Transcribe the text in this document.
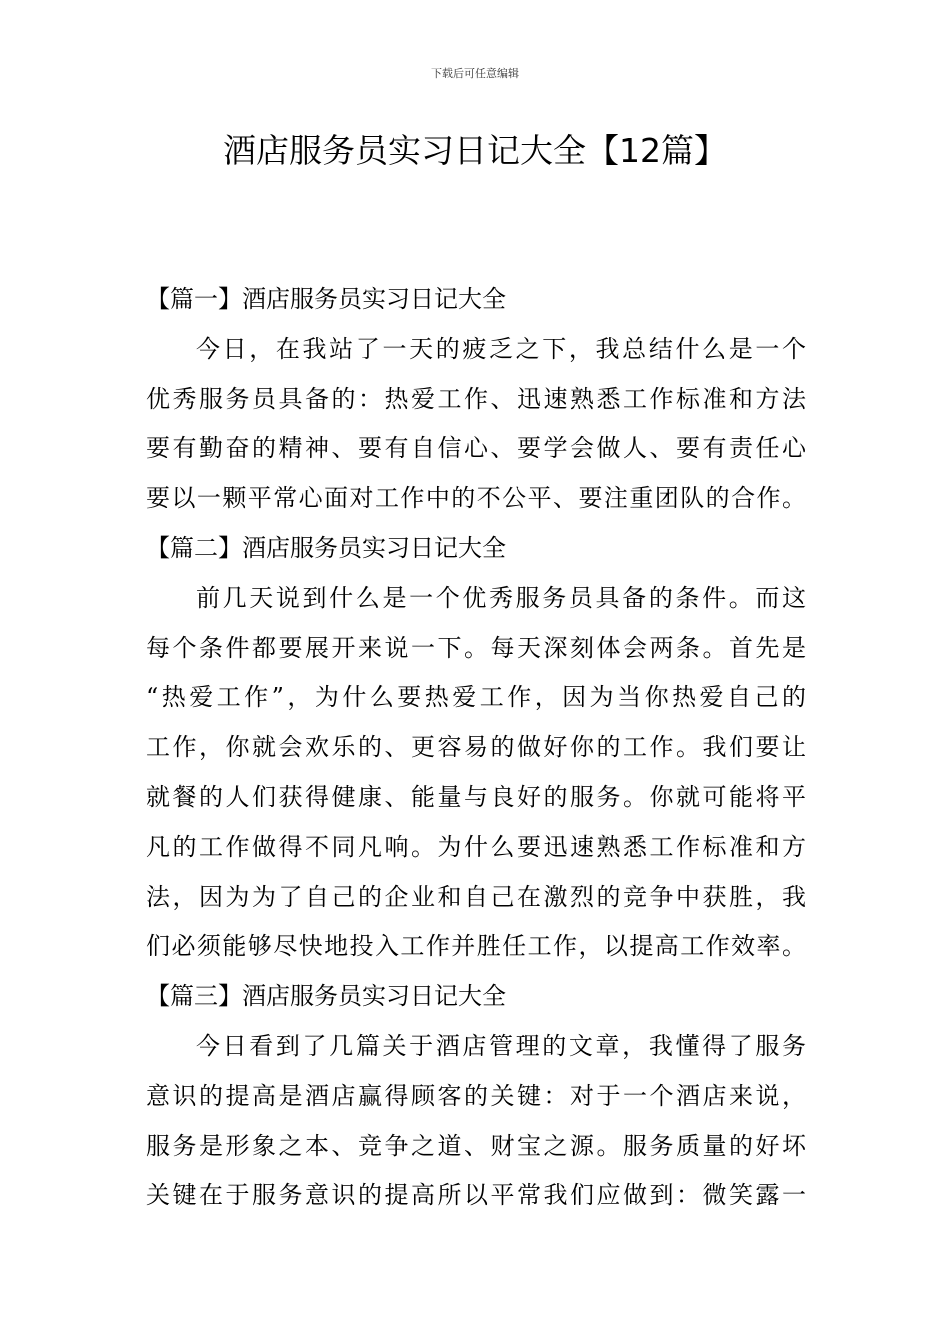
下载后可任意编辑
酒店服务员实习日记大全【12篇】
【篇一】酒店服务员实习日记大全
今日，在我站了一天的疲乏之下，我总结什么是一个
优秀服务员具备的：热爱工作、迅速熟悉工作标准和方法
要有勤奋的精神、要有自信心、要学会做人、要有责任心
要以一颗平常心面对工作中的不公平、要注重团队的合作。
【篇二】酒店服务员实习日记大全
前几天说到什么是一个优秀服务员具备的条件。而这
每个条件都要展开来说一下。每天深刻体会两条。首先是
“热爱工作”，为什么要热爱工作，因为当你热爱自己的
工作，你就会欢乐的、更容易的做好你的工作。我们要让
就餐的人们获得健康、能量与良好的服务。你就可能将平
凡的工作做得不同凡响。为什么要迅速熟悉工作标准和方
法，因为为了自己的企业和自己在激烈的竞争中获胜，我
们必须能够尽快地投入工作并胜任工作，以提高工作效率。
【篇三】酒店服务员实习日记大全
今日看到了几篇关于酒店管理的文章，我懂得了服务
意识的提高是酒店赢得顾客的关键：对于一个酒店来说，
服务是形象之本、竞争之道、财宝之源。服务质量的好坏
关键在于服务意识的提高所以平常我们应做到：微笑露一
